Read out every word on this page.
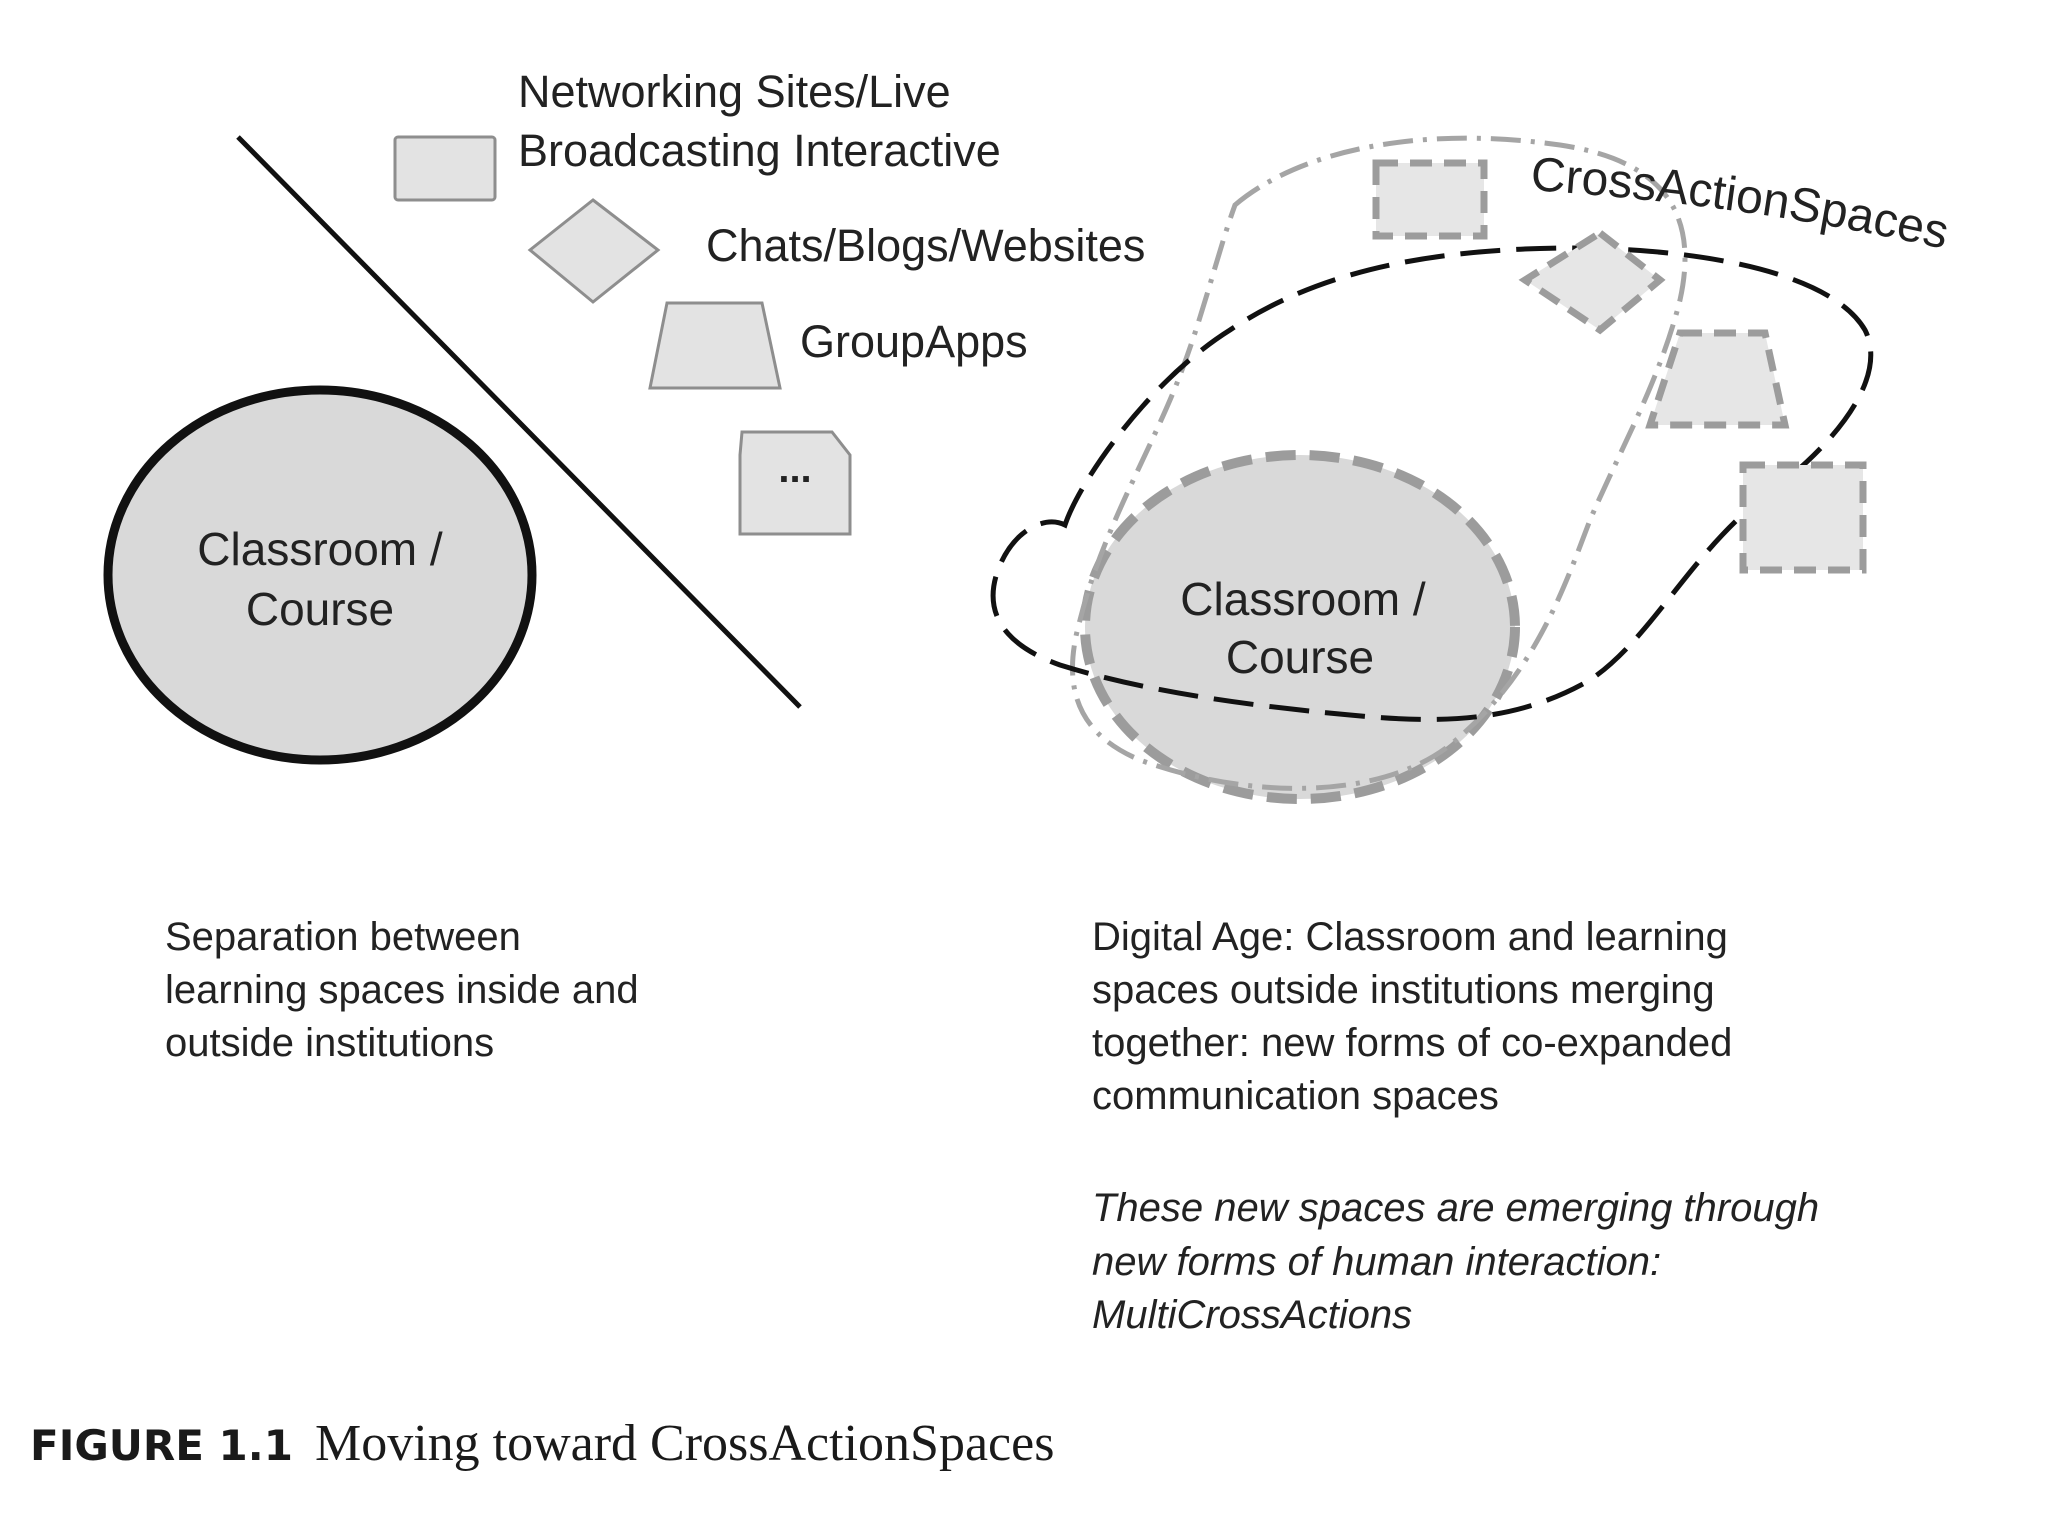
Classroom /
Course
Networking Sites/Live
Broadcasting Interactive
Chats/Blogs/Websites
GroupApps
...
Separation between
learning spaces inside and
outside institutions
CrossActionSpaces
Classroom /
Course
Digital Age: Classroom and learning
spaces outside institutions merging
together: new forms of co-expanded
communication spaces
These new spaces are emerging through
new forms of human interaction:
MultiCrossActions
FIGURE 1.1 Moving toward CrossActionSpaces
